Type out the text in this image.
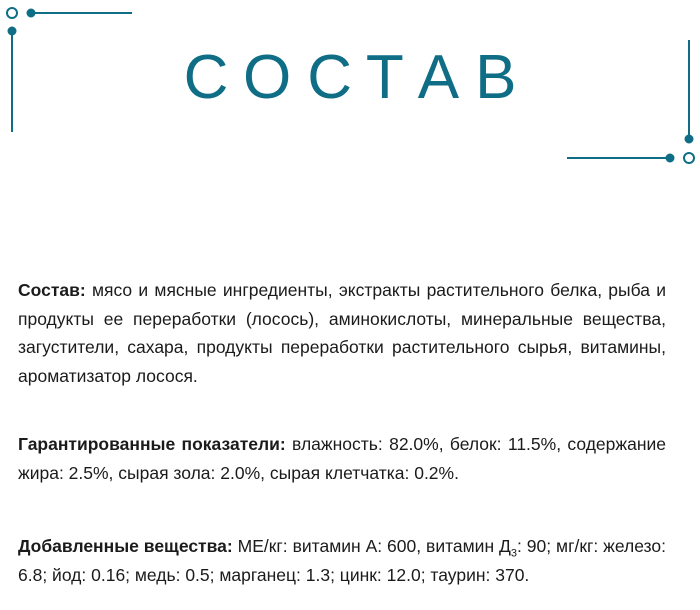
СОСТАВ
Состав: мясо и мясные ингредиенты, экстракты растительного белка, рыба и продукты ее переработки (лосось), аминокислоты, минеральные вещества, загустители, сахара, продукты переработки растительного сырья, витамины, ароматизатор лосося.
Гарантированные показатели: влажность: 82.0%, белок: 11.5%, содержание жира: 2.5%, сырая зола: 2.0%, сырая клетчатка: 0.2%.
Добавленные вещества: МЕ/кг: витамин А: 600, витамин $Д_3$: 90; мг/кг: железо: 6.8; йод: 0.16; медь: 0.5; марганец: 1.3; цинк: 12.0; таурин: 370.
